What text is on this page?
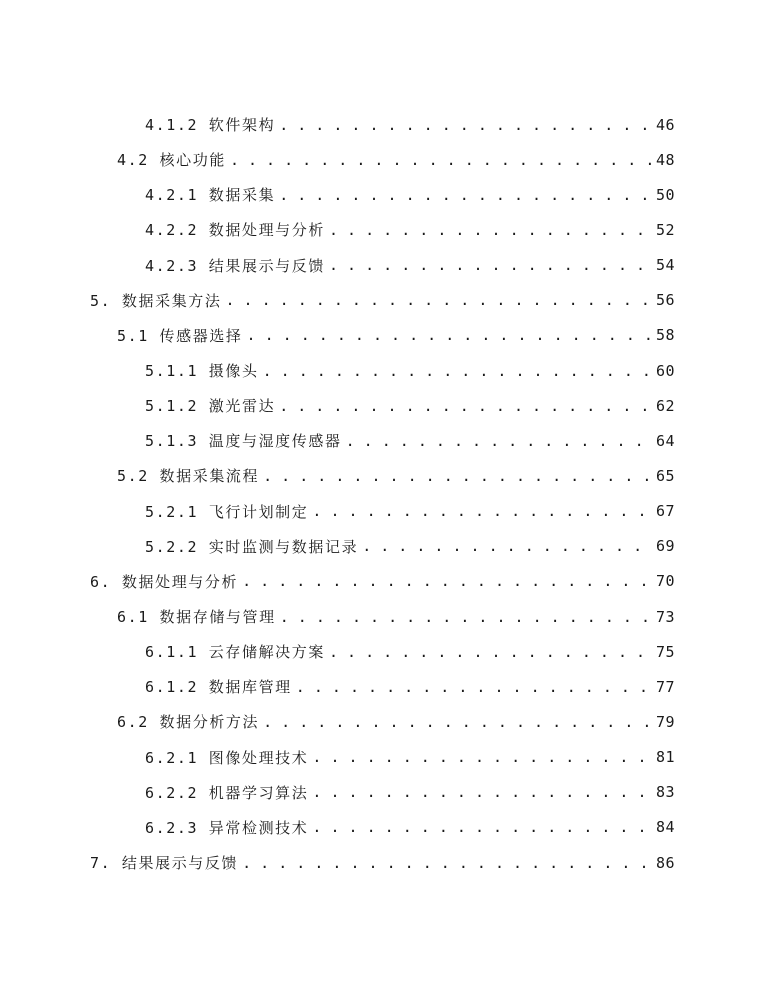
4.1.2 软件架构 . . .	46
4.2 核心功能 . . .	48
4.2.1 数据采集 . . .	50
4.2.2 数据处理与分析 . . .	52
4.2.3 结果展示与反馈 . . .	54
5. 数据采集方法 . . .	56
5.1 传感器选择 . . .	58
5.1.1 摄像头 . . .	60
5.1.2 激光雷达 . . .	62
5.1.3 温度与湿度传感器 . . .	64
5.2 数据采集流程 . . .	65
5.2.1 飞行计划制定 . . .	67
5.2.2 实时监测与数据记录 . . .	69
6. 数据处理与分析 . . .	70
6.1 数据存储与管理 . . .	73
6.1.1 云存储解决方案 . . .	75
6.1.2 数据库管理 . . .	77
6.2 数据分析方法 . . .	79
6.2.1 图像处理技术 . . .	81
6.2.2 机器学习算法 . . .	83
6.2.3 异常检测技术 . . .	84
7. 结果展示与反馈 . . .	86
